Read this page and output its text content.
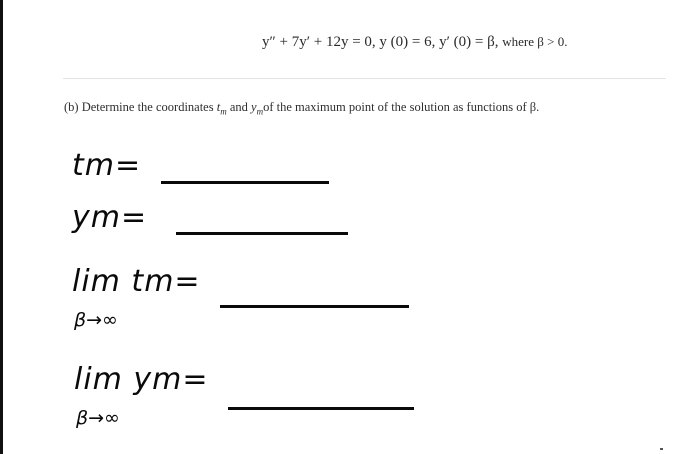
y″ + 7y′ + 12y = 0, y (0) = 6, y′ (0) = β, where β > 0.
(b) Determine the coordinates $t_m$ and $y_mof$ the maximum point of the solution as functions of β.
tm=
ym=
lim tm=
β→∞
lim ym=
β→∞
